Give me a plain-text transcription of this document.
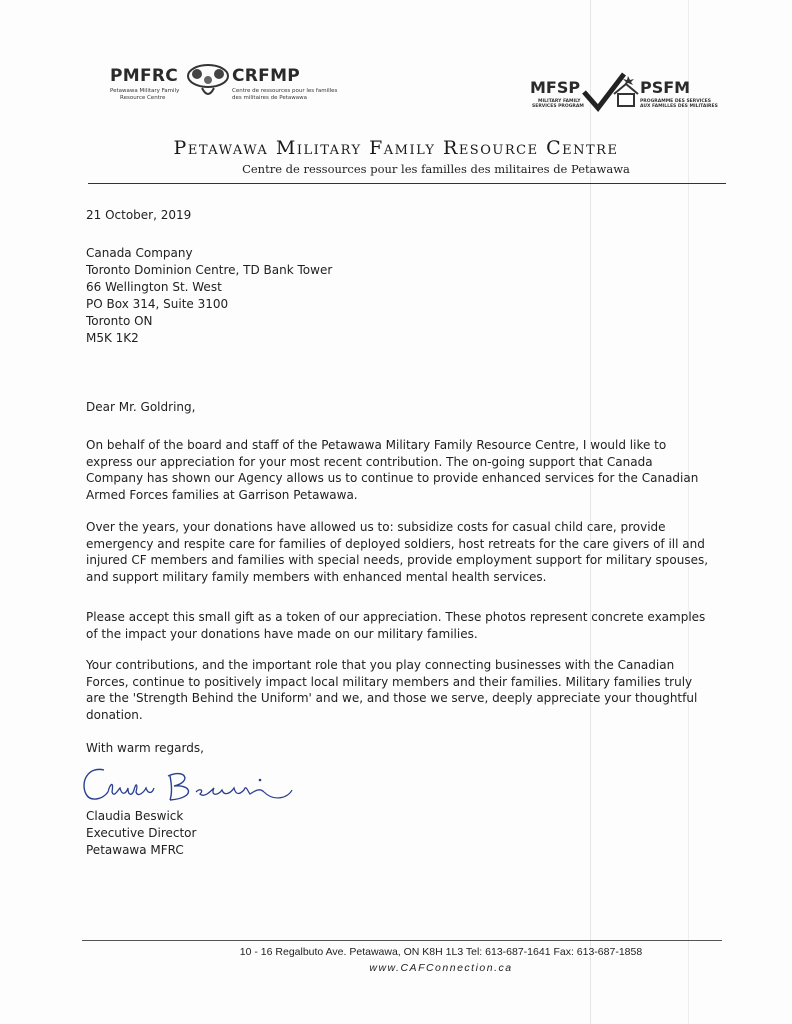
PMFRC	CRFMP
Petawawa Military Family
Resource Centre
Centre de ressources pour les familles
des militaires de Petawawa
MFSP	PSFM
MILITARY FAMILY
SERVICES PROGRAM
PROGRAMME DES SERVICES
AUX FAMILLES DES MILITAIRES
Petawawa Military Family Resource Centre
Centre de ressources pour les familles des militaires de Petawawa
21 October, 2019
Canada Company
Toronto Dominion Centre, TD Bank Tower
66 Wellington St. West
PO Box 314, Suite 3100
Toronto ON
M5K 1K2
Dear Mr. Goldring,
On behalf of the board and staff of the Petawawa Military Family Resource Centre, I would like to express our appreciation for your most recent contribution. The on-going support that Canada Company has shown our Agency allows us to continue to provide enhanced services for the Canadian Armed Forces families at Garrison Petawawa.
Over the years, your donations have allowed us to: subsidize costs for casual child care, provide emergency and respite care for families of deployed soldiers, host retreats for the care givers of ill and injured CF members and families with special needs, provide employment support for military spouses, and support military family members with enhanced mental health services.
Please accept this small gift as a token of our appreciation. These photos represent concrete examples of the impact your donations have made on our military families.
Your contributions, and the important role that you play connecting businesses with the Canadian Forces, continue to positively impact local military members and their families. Military families truly are the 'Strength Behind the Uniform' and we, and those we serve, deeply appreciate your thoughtful donation.
With warm regards,
Claudia Beswick
Executive Director
Petawawa MFRC
10 - 16 Regalbuto Ave. Petawawa, ON K8H 1L3 Tel: 613-687-1641 Fax: 613-687-1858
www.CAFConnection.ca
